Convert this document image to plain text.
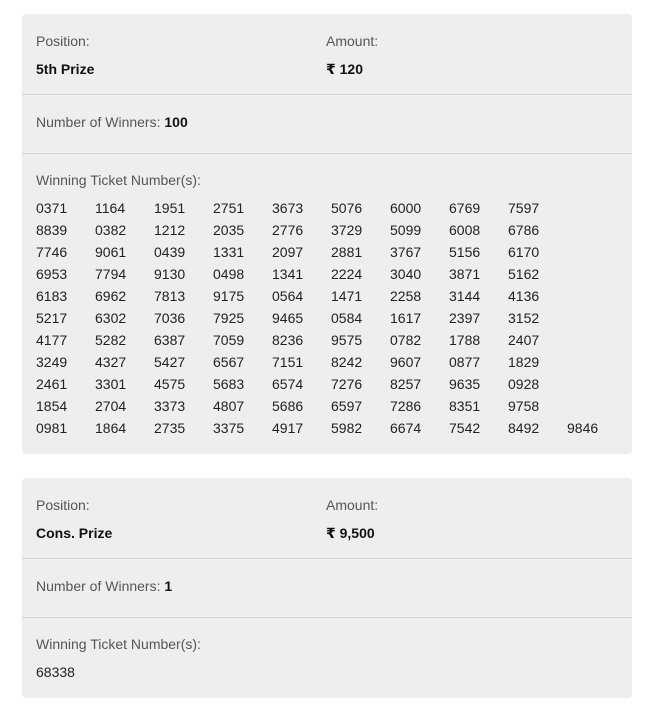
Position:
5th Prize
Amount:
₹ 120
Number of Winners: 100
Winning Ticket Number(s):
0371 1164 1951 2751 3673 5076 6000 6769 7597
8839 0382 1212 2035 2776 3729 5099 6008 6786
7746 9061 0439 1331 2097 2881 3767 5156 6170
6953 7794 9130 0498 1341 2224 3040 3871 5162
6183 6962 7813 9175 0564 1471 2258 3144 4136
5217 6302 7036 7925 9465 0584 1617 2397 3152
4177 5282 6387 7059 8236 9575 0782 1788 2407
3249 4327 5427 6567 7151 8242 9607 0877 1829
2461 3301 4575 5683 6574 7276 8257 9635 0928
1854 2704 3373 4807 5686 6597 7286 8351 9758
0981 1864 2735 3375 4917 5982 6674 7542 8492 9846
Position:
Cons. Prize
Amount:
₹ 9,500
Number of Winners: 1
Winning Ticket Number(s):
68338
